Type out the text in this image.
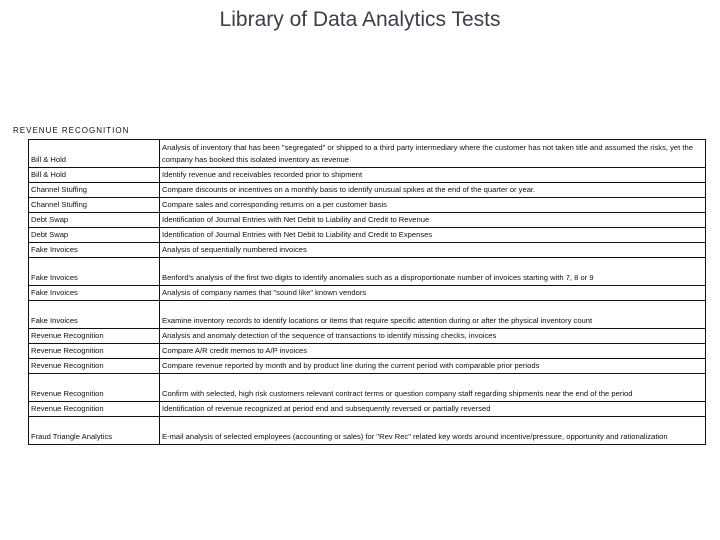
Library of Data Analytics Tests
REVENUE RECOGNITION
Bill & Hold	Analysis of inventory that has been "segregated" or shipped to a third party intermediary where the customer has not taken title and assumed the risks, yet the company has booked this isolated inventory as revenue
Bill & Hold	Identify revenue and receivables recorded prior to shipment
Channel Stuffing	Compare discounts or incentives on a monthly basis to identify unusual spikes at the end of the quarter or year.
Channel Stuffing	Compare sales and corresponding returns on a per customer basis
Debt Swap	Identification of Journal Entries with Net Debit to Liability and Credit to Revenue
Debt Swap	Identification of Journal Entries with Net Debit to Liability and Credit to Expenses
Fake Invoices	Analysis of sequentially numbered invoices
Fake Invoices	Benford's analysis of the first two digits to identify anomalies such as a disproportionate number of invoices starting with 7, 8 or 9
Fake Invoices	Analysis of company names that "sound like" known vendors
Fake Invoices	Examine inventory records to identify locations or items that require specific attention during or after the physical inventory count
Revenue Recognition	Analysis and anomaly detection of the sequence of transactions to identify missing checks, invoices
Revenue Recognition	Compare A/R credit memos to A/P invoices
Revenue Recognition	Compare revenue reported by month and by product line during the current period with comparable prior periods
Revenue Recognition	Confirm with selected, high risk customers relevant contract terms or question company staff regarding shipments near the end of the period
Revenue Recognition	Identification of revenue recognized at period end and subsequently reversed or partially reversed
Fraud Triangle Analytics	E-mail analysis of selected employees (accounting or sales) for "Rev Rec" related key words around incentive/pressure, opportunity and rationalization
